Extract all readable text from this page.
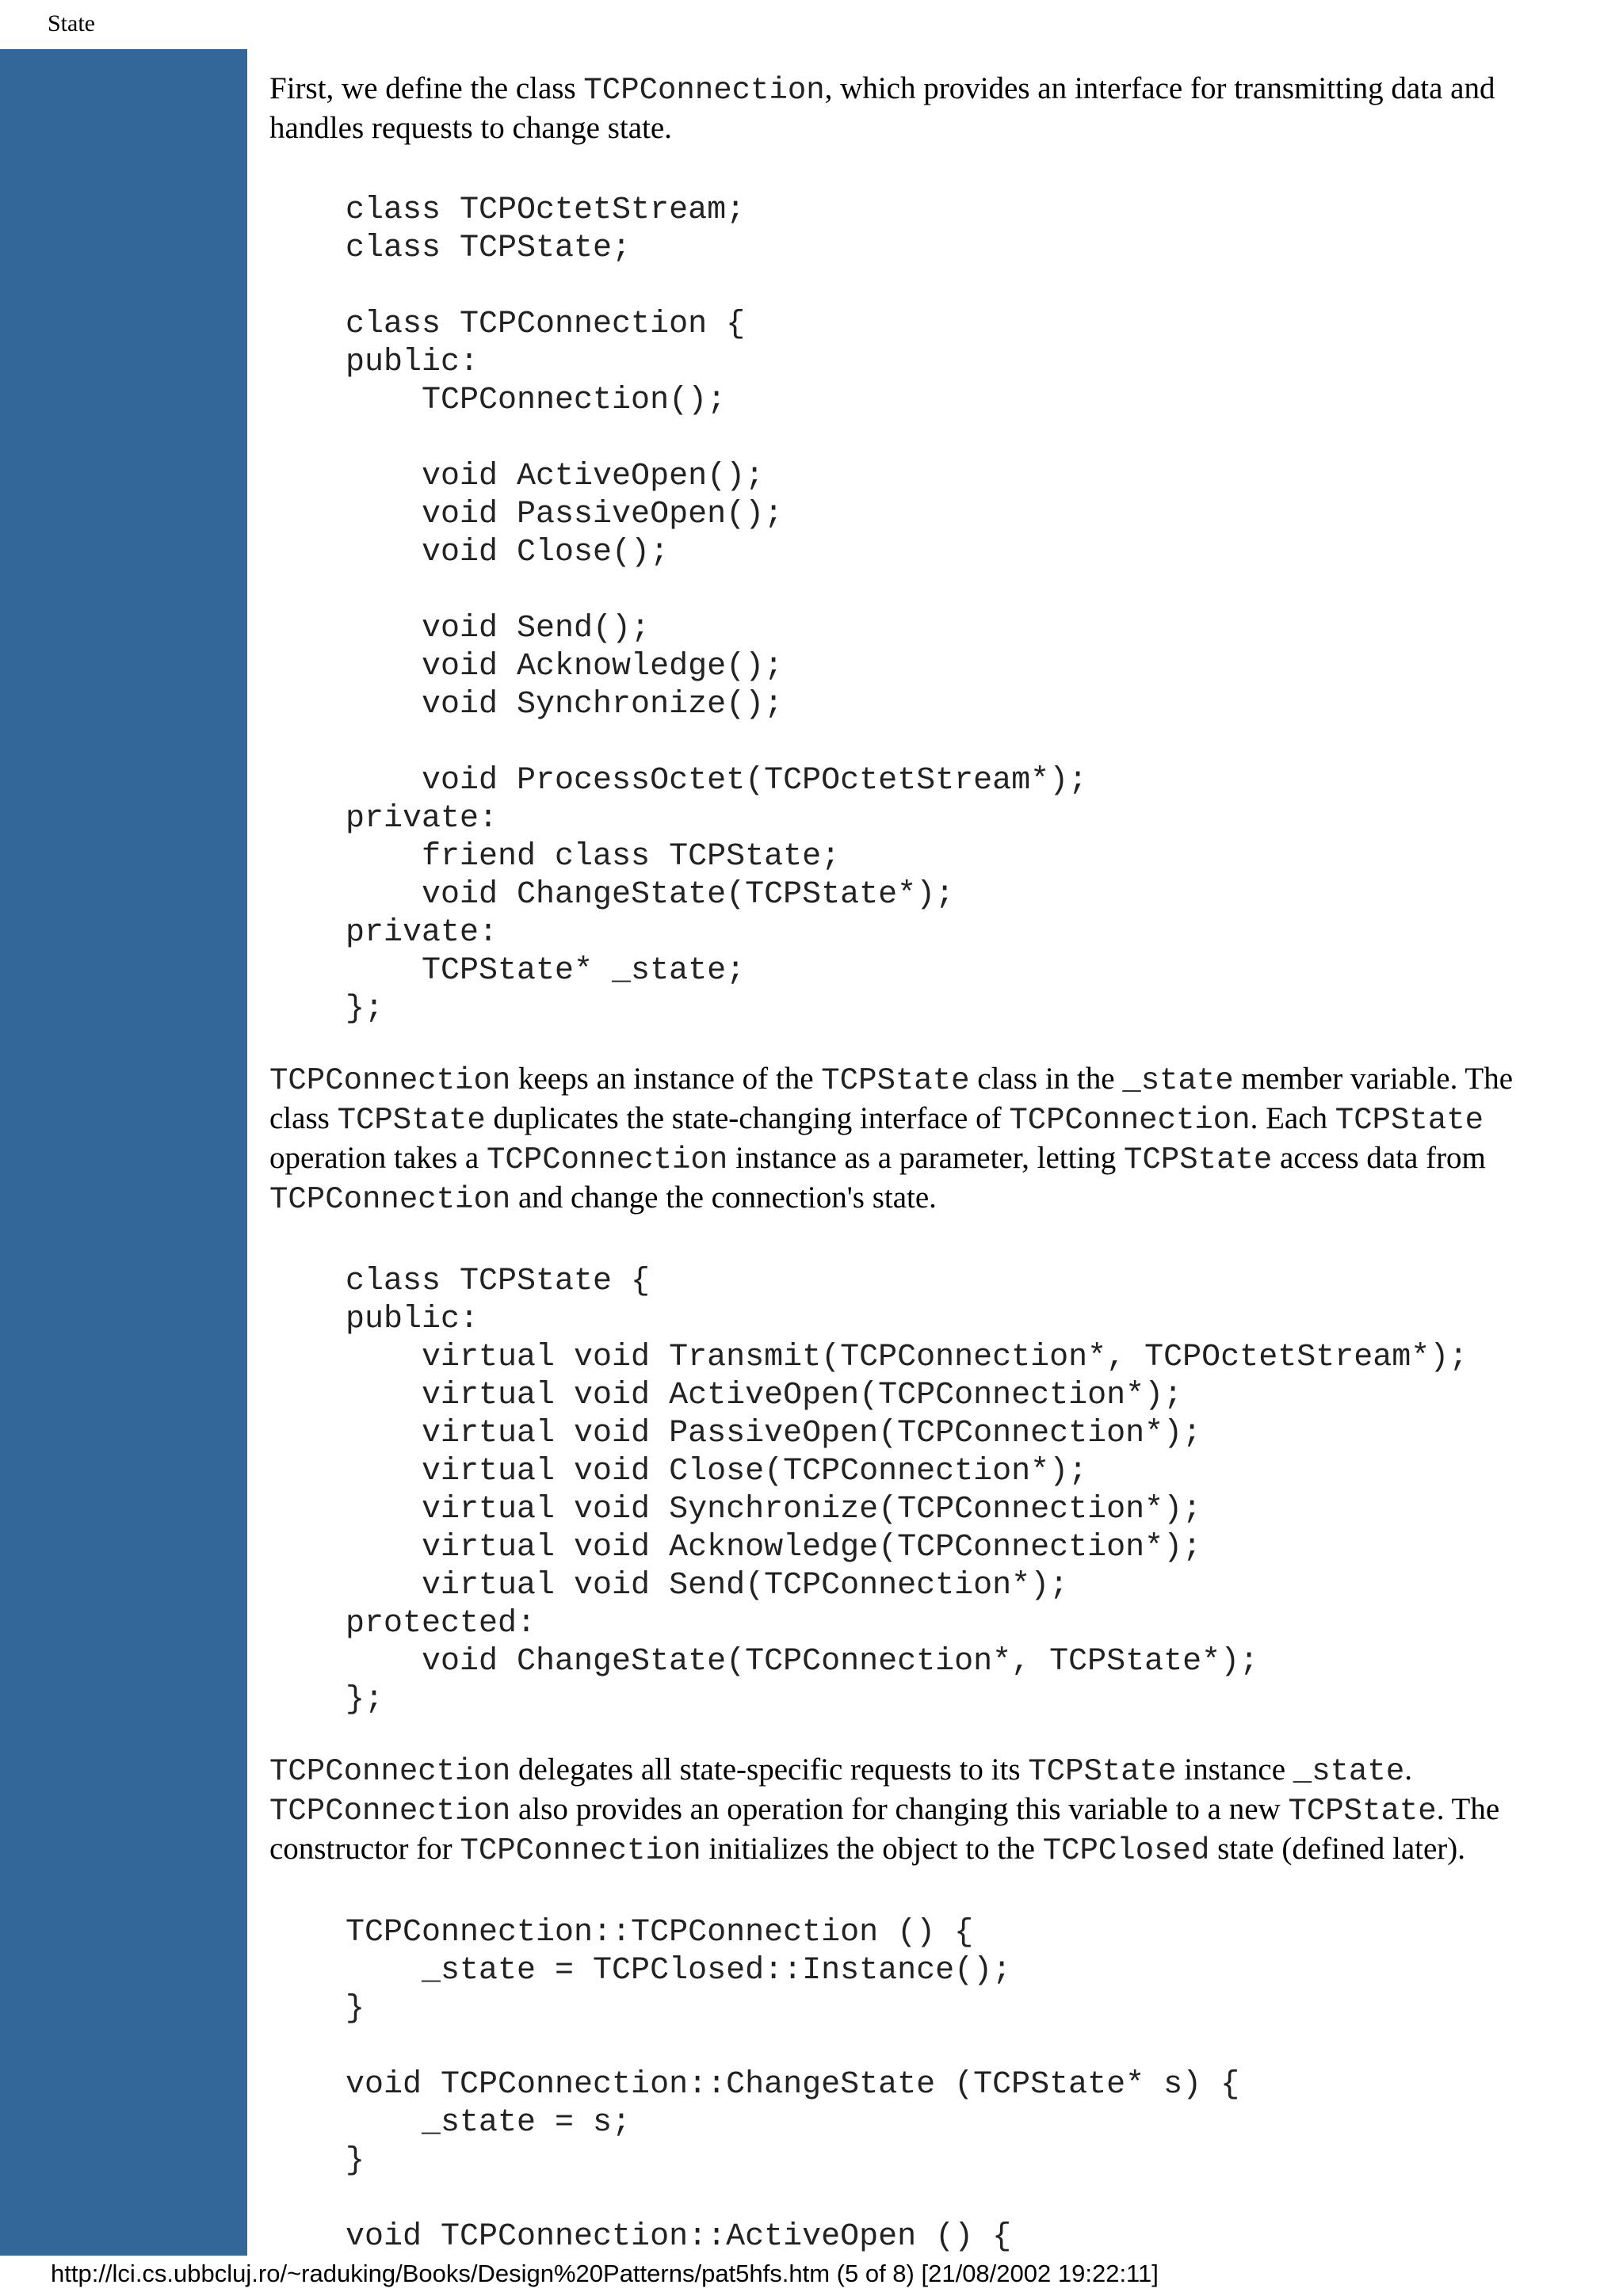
State

First, we define the class TCPConnection, which provides an interface for transmitting data and handles requests to change state.

class TCPOctetStream;
class TCPState;
class TCPConnection {
public:
TCPConnection();
void ActiveOpen();
void PassiveOpen();
void Close();
void Send();
void Acknowledge();
void Synchronize();
void ProcessOctet(TCPOctetStream*);
private:
friend class TCPState;
void ChangeState(TCPState*);
private:
TCPState* _state;
};

TCPConnection keeps an instance of the TCPState class in the _state member variable. The class TCPState duplicates the state-changing interface of TCPConnection. Each TCPState operation takes a TCPConnection instance as a parameter, letting TCPState access data from TCPConnection and change the connection's state.

class TCPState {
public:
virtual void Transmit(TCPConnection*, TCPOctetStream*);
virtual void ActiveOpen(TCPConnection*);
virtual void PassiveOpen(TCPConnection*);
virtual void Close(TCPConnection*);
virtual void Synchronize(TCPConnection*);
virtual void Acknowledge(TCPConnection*);
virtual void Send(TCPConnection*);
protected:
void ChangeState(TCPConnection*, TCPState*);
};

TCPConnection delegates all state-specific requests to its TCPState instance _state. TCPConnection also provides an operation for changing this variable to a new TCPState. The constructor for TCPConnection initializes the object to the TCPClosed state (defined later).

TCPConnection::TCPConnection () {
_state = TCPClosed::Instance();
}
void TCPConnection::ChangeState (TCPState* s) {
_state = s;
}
void TCPConnection::ActiveOpen () {
http://lci.cs.ubbcluj.ro/~raduking/Books/Design%20Patterns/pat5hfs.htm (5 of 8) [21/08/2002 19:22:11]
